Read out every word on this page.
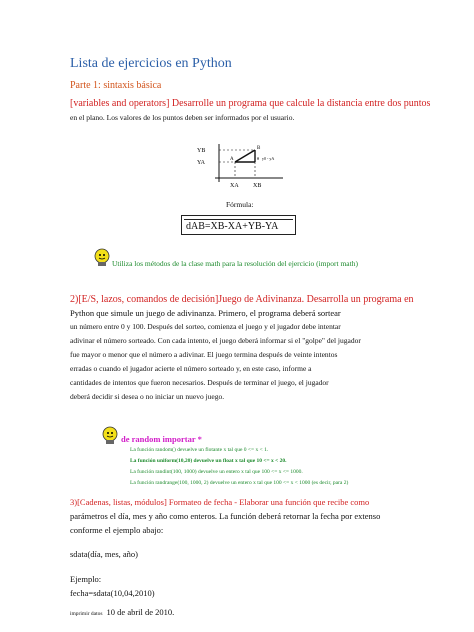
Lista de ejercicios en Python
Parte 1: sintaxis básica
[variables and operators] Desarrolle un programa que calcule la distancia entre dos puntos
en el plano. Los valores de los puntos deben ser informados por el usuario.
YB
YA
XA XB
A
B
θ y0 - yA
Fórmula:
dAB=XB-XA+YB-YA
Utiliza los métodos de la clase math para la resolución del ejercicio (import math)
2)[E/S, lazos, comandos de decisión]Juego de Adivinanza. Desarrolla un programa en
Python que simule un juego de adivinanza. Primero, el programa deberá sortear
un número entre 0 y 100. Después del sorteo, comienza el juego y el jugador debe intentar
adivinar el número sorteado. Con cada intento, el juego deberá informar si el "golpe" del jugador
fue mayor o menor que el número a adivinar. El juego termina después de veinte intentos
erradas o cuando el jugador acierte el número sorteado y, en este caso, informe a
cantidades de intentos que fueron necesarios. Después de terminar el juego, el jugador
deberá decidir si desea o no iniciar un nuevo juego.
de random importar *
La función random() devuelve un flotante x tal que 0 <= x < 1.
La función uniform(10,20) devuelve un float x tal que 10 <= x < 20.
La función randint(100, 1000) devuelve un entero x tal que 100 <= x <= 1000.
La función randrange(100, 1000, 2) devuelve un entero x tal que 100 <= x < 1000 (es decir, para 2)
3)[Cadenas, listas, módulos] Formateo de fecha - Elaborar una función que recibe como
parámetros el día, mes y año como enteros. La función deberá retornar la fecha por extenso
conforme el ejemplo abajo:
sdata(día, mes, año)
Ejemplo:
fecha=sdata(10,04,2010)
imprimir datos 10 de abril de 2010.
